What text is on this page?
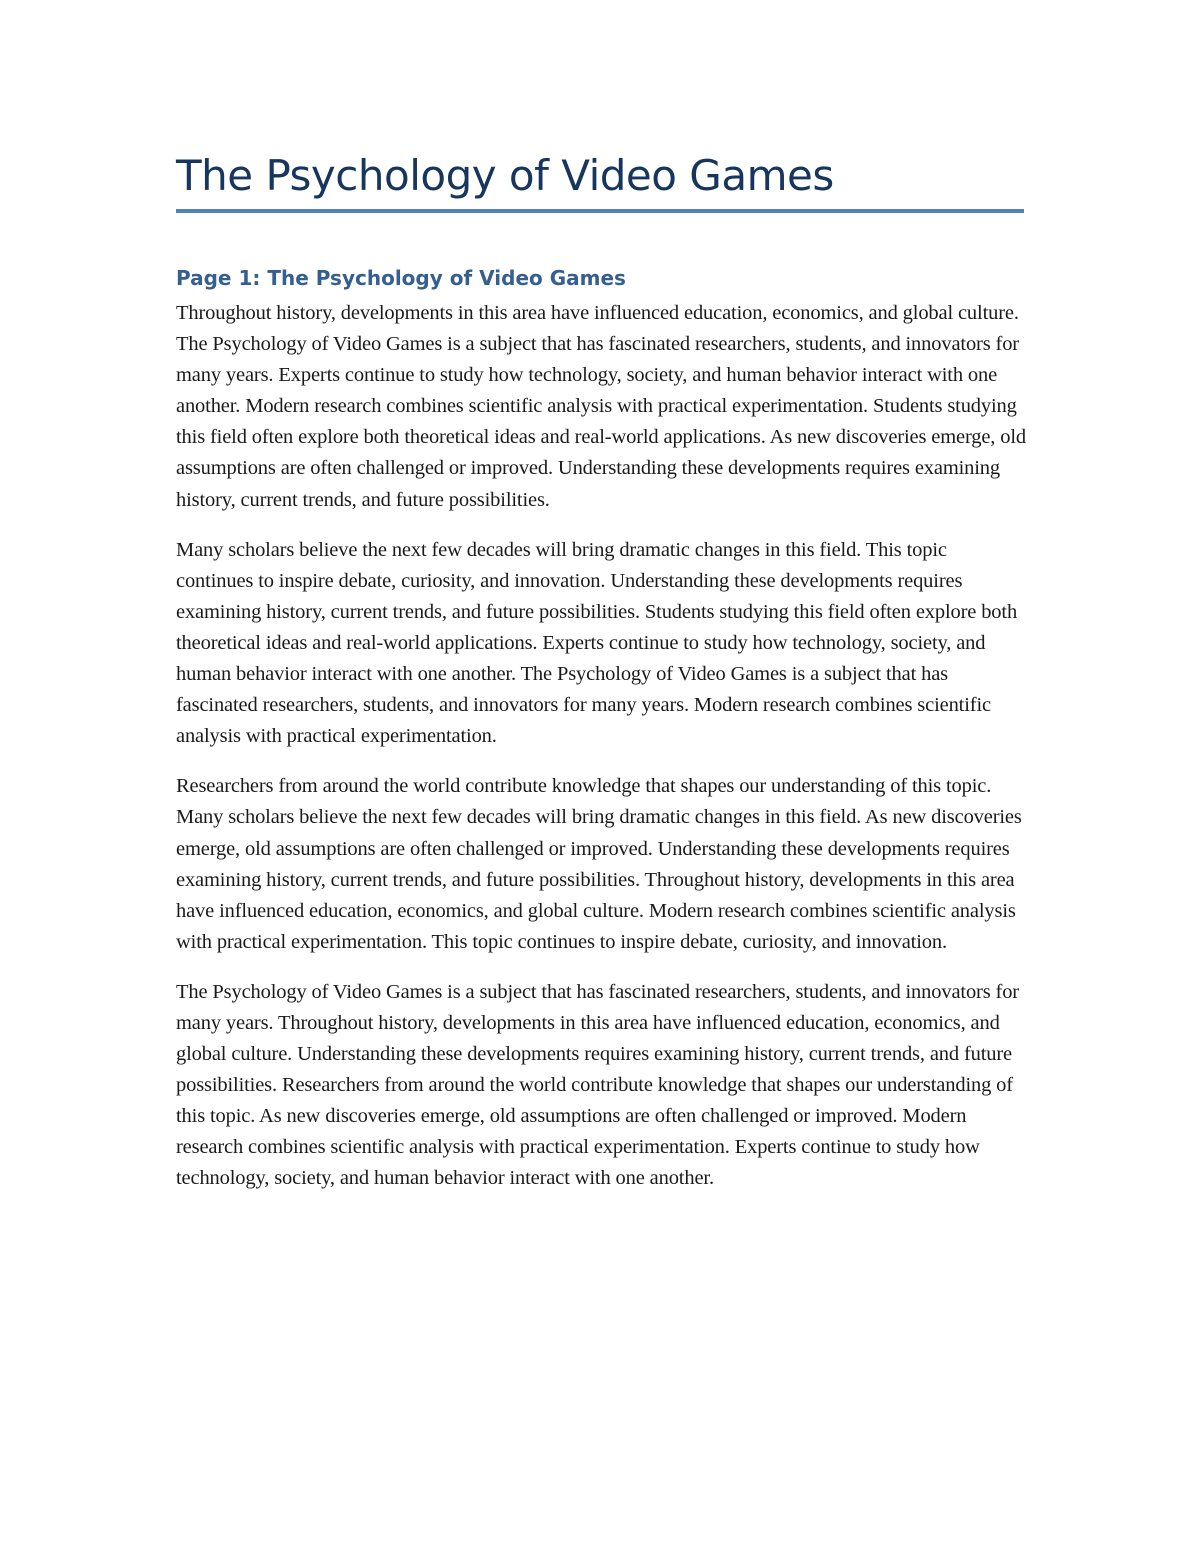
The Psychology of Video Games
Page 1: The Psychology of Video Games

Throughout history, developments in this area have influenced education, economics, and global culture. The Psychology of Video Games is a subject that has fascinated researchers, students, and innovators for many years. Experts continue to study how technology, society, and human behavior interact with one another. Modern research combines scientific analysis with practical experimentation. Students studying this field often explore both theoretical ideas and real-world applications. As new discoveries emerge, old assumptions are often challenged or improved. Understanding these developments requires examining history, current trends, and future possibilities.

Many scholars believe the next few decades will bring dramatic changes in this field. This topic continues to inspire debate, curiosity, and innovation. Understanding these developments requires examining history, current trends, and future possibilities. Students studying this field often explore both theoretical ideas and real-world applications. Experts continue to study how technology, society, and human behavior interact with one another. The Psychology of Video Games is a subject that has fascinated researchers, students, and innovators for many years. Modern research combines scientific analysis with practical experimentation.

Researchers from around the world contribute knowledge that shapes our understanding of this topic. Many scholars believe the next few decades will bring dramatic changes in this field. As new discoveries emerge, old assumptions are often challenged or improved. Understanding these developments requires examining history, current trends, and future possibilities. Throughout history, developments in this area have influenced education, economics, and global culture. Modern research combines scientific analysis with practical experimentation. This topic continues to inspire debate, curiosity, and innovation.

The Psychology of Video Games is a subject that has fascinated researchers, students, and innovators for many years. Throughout history, developments in this area have influenced education, economics, and global culture. Understanding these developments requires examining history, current trends, and future possibilities. Researchers from around the world contribute knowledge that shapes our understanding of this topic. As new discoveries emerge, old assumptions are often challenged or improved. Modern research combines scientific analysis with practical experimentation. Experts continue to study how technology, society, and human behavior interact with one another.
